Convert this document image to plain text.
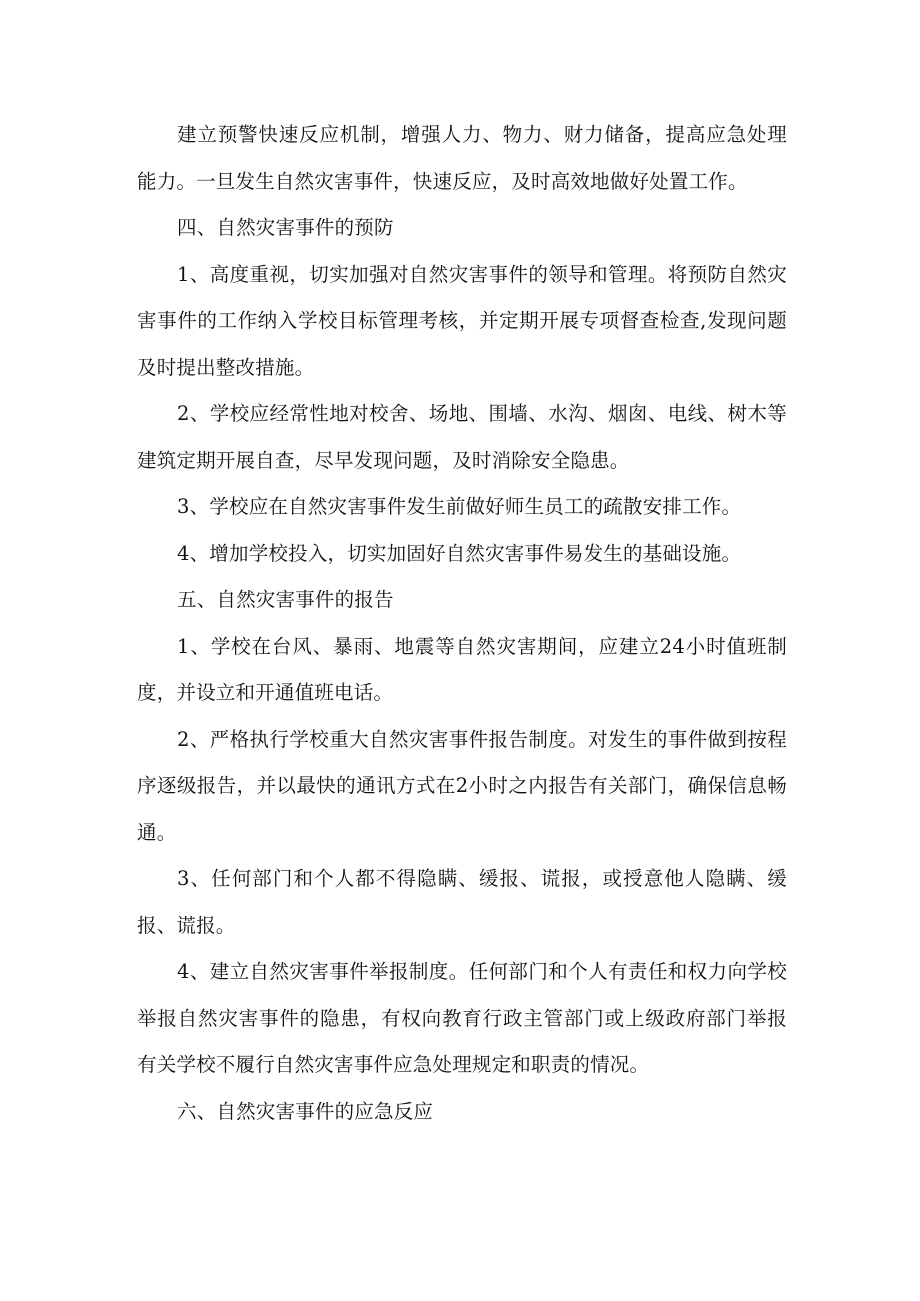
建立预警快速反应机制，增强人力、物力、财力储备，提高应急处理能力。一旦发生自然灾害事件，快速反应，及时高效地做好处置工作。

四、自然灾害事件的预防

1、高度重视，切实加强对自然灾害事件的领导和管理。将预防自然灾害事件的工作纳入学校目标管理考核，并定期开展专项督查检查,发现问题及时提出整改措施。

2、学校应经常性地对校舍、场地、围墙、水沟、烟囱、电线、树木等建筑定期开展自查，尽早发现问题，及时消除安全隐患。

3、学校应在自然灾害事件发生前做好师生员工的疏散安排工作。

4、增加学校投入，切实加固好自然灾害事件易发生的基础设施。

五、自然灾害事件的报告

1、学校在台风、暴雨、地震等自然灾害期间，应建立24小时值班制度，并设立和开通值班电话。

2、严格执行学校重大自然灾害事件报告制度。对发生的事件做到按程序逐级报告，并以最快的通讯方式在2小时之内报告有关部门，确保信息畅通。

3、任何部门和个人都不得隐瞒、缓报、谎报，或授意他人隐瞒、缓报、谎报。

4、建立自然灾害事件举报制度。任何部门和个人有责任和权力向学校举报自然灾害事件的隐患，有权向教育行政主管部门或上级政府部门举报有关学校不履行自然灾害事件应急处理规定和职责的情况。

六、自然灾害事件的应急反应
